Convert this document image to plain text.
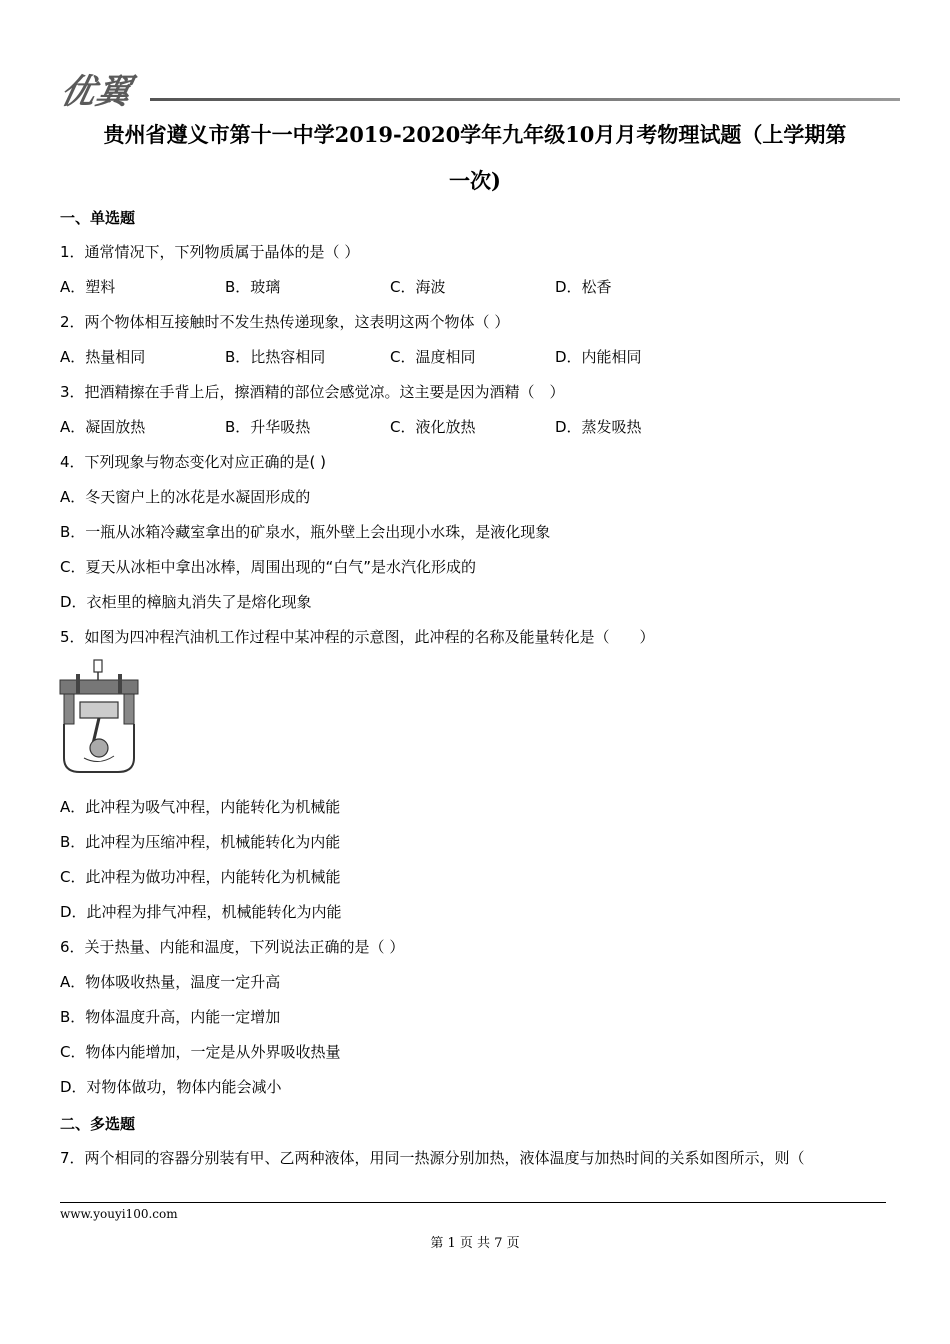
优翼
贵州省遵义市第十一中学2019-2020学年九年级10月月考物理试题（上学期第
一次)
一、单选题
1．通常情况下，下列物质属于晶体的是（ ）
A．塑料	B．玻璃	C．海波	D．松香
2．两个物体相互接触时不发生热传递现象，这表明这两个物体（ ）
A．热量相同	B．比热容相同	C．温度相同	D．内能相同
3．把酒精擦在手背上后，擦酒精的部位会感觉凉。这主要是因为酒精（　）
A．凝固放热	B．升华吸热	C．液化放热	D．蒸发吸热
4．下列现象与物态变化对应正确的是( )
A．冬天窗户上的冰花是水凝固形成的
B．一瓶从冰箱冷藏室拿出的矿泉水，瓶外壁上会出现小水珠，是液化现象
C．夏天从冰柜中拿出冰棒，周围出现的“白气”是水汽化形成的
D．衣柜里的樟脑丸消失了是熔化现象
5．如图为四冲程汽油机工作过程中某冲程的示意图，此冲程的名称及能量转化是（　　）
A．此冲程为吸气冲程，内能转化为机械能
B．此冲程为压缩冲程，机械能转化为内能
C．此冲程为做功冲程，内能转化为机械能
D．此冲程为排气冲程，机械能转化为内能
6．关于热量、内能和温度，下列说法正确的是（ ）
A．物体吸收热量，温度一定升高
B．物体温度升高，内能一定增加
C．物体内能增加，一定是从外界吸收热量
D．对物体做功，物体内能会减小
二、多选题
7．两个相同的容器分别装有甲、乙两种液体，用同一热源分别加热，液体温度与加热时间的关系如图所示，则（
www.youyi100.com
第 1 页 共 7 页
